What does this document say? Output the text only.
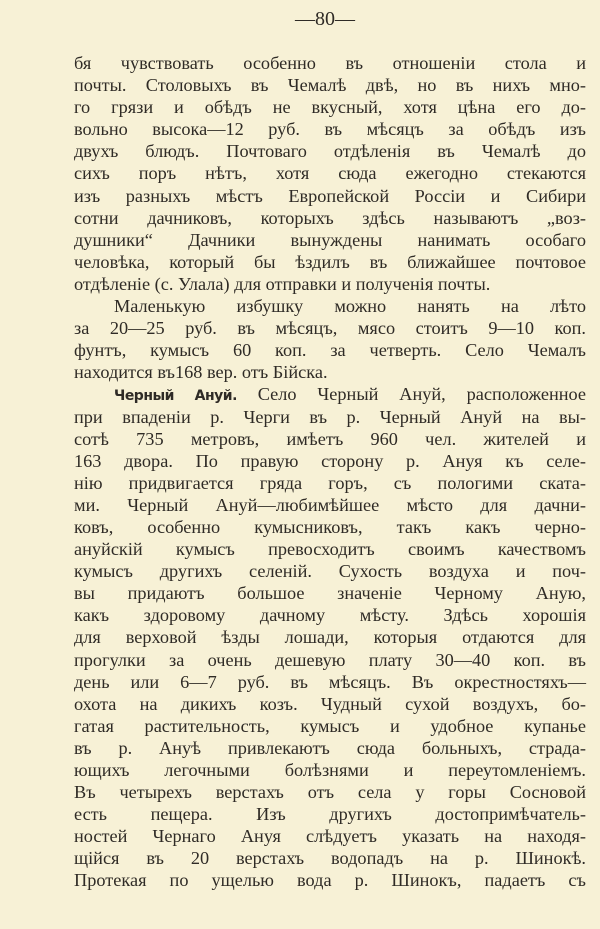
—80—
бя чувствовать особенно въ отношеніи стола и
почты. Столовыхъ въ Чемалѣ двѣ, но въ нихъ мно-
го грязи и обѣдъ не вкусный, хотя цѣна его до-
вольно высока—12 руб. въ мѣсяцъ за обѣдъ изъ
двухъ блюдъ. Почтоваго отдѣленія въ Чемалѣ до
сихъ поръ нѣтъ, хотя сюда ежегодно стекаются
изъ разныхъ мѣстъ Европейской Россіи и Сибири
сотни дачниковъ, которыхъ здѣсь называютъ „воз-
душники“ Дачники вынуждены нанимать особаго
человѣка, который бы ѣздилъ въ ближайшее почтовое
отдѣленіе (с. Улала) для отправки и полученія почты.
Маленькую избушку можно нанять на лѣто
за 20—25 руб. въ мѣсяцъ, мясо стоитъ 9—10 коп.
фунтъ, кумысъ 60 коп. за четверть. Село Чемалъ
находится въ168 вер. отъ Бійска.
Черный Ануй. Село Черный Ануй, расположенное
при впаденіи р. Черги въ р. Черный Ануй на вы-
сотѣ 735 метровъ, имѣетъ 960 чел. жителей и
163 двора. По правую сторону р. Ануя къ селе-
нію придвигается гряда горъ, съ пологими ската-
ми. Черный Ануй—любимѣйшее мѣсто для дачни-
ковъ, особенно кумысниковъ, такъ какъ черно-
ануйскій кумысъ превосходитъ своимъ качествомъ
кумысъ другихъ селеній. Сухость воздуха и поч-
вы придаютъ большое значеніе Черному Аную,
какъ здоровому дачному мѣсту. Здѣсь хорошія
для верховой ѣзды лошади, которыя отдаются для
прогулки за очень дешевую плату 30—40 коп. въ
день или 6—7 руб. въ мѣсяцъ. Въ окрестностяхъ—
охота на дикихъ козъ. Чудный сухой воздухъ, бо-
гатая растительность, кумысъ и удобное купанье
въ р. Ануѣ привлекаютъ сюда больныхъ, страда-
ющихъ легочными болѣзнями и переутомленіемъ.
Въ четырехъ верстахъ отъ села у горы Сосновой
есть пещера. Изъ другихъ достопримѣчатель-
ностей Чернаго Ануя слѣдуетъ указать на находя-
щійся въ 20 верстахъ водопадъ на р. Шинокѣ.
Протекая по ущелью вода р. Шинокъ, падаетъ съ
